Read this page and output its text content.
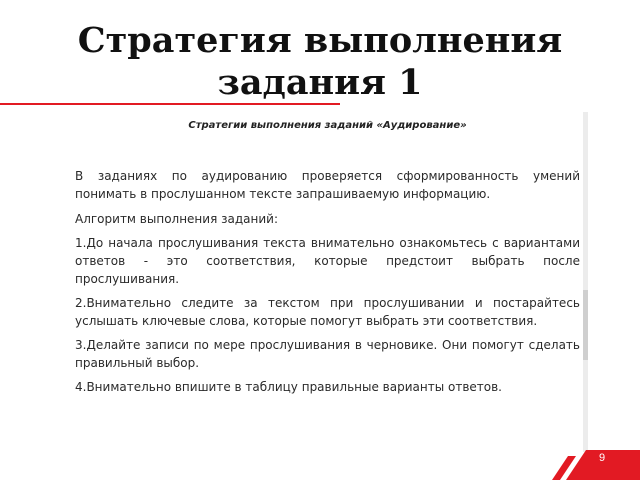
Стратегия выполнения задания 1
Стратегии выполнения заданий «Аудирование»

В заданиях по аудированию проверяется сформированность умений понимать в прослушанном тексте запрашиваемую информацию.

Алгоритм выполнения заданий:

1.До начала прослушивания текста внимательно ознакомьтесь с вариантами ответов - это соответствия, которые предстоит выбрать после прослушивания.
2.Внимательно следите за текстом при прослушивании и постарайтесь услышать ключевые слова, которые помогут выбрать эти соответствия.
3.Делайте записи по мере прослушивания в черновике. Они помогут сделать правильный выбор.
4.Внимательно впишите в таблицу правильные варианты ответов.
9
